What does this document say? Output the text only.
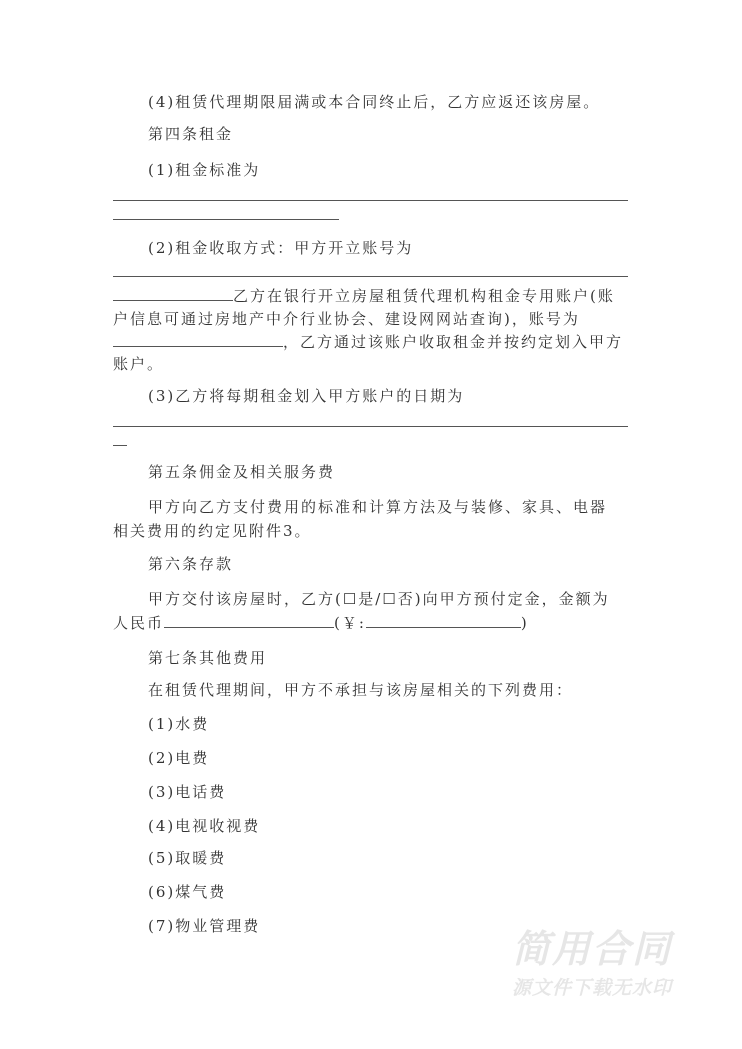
(4)租赁代理期限届满或本合同终止后，乙方应返还该房屋。
第四条租金
(1)租金标准为
(2)租金收取方式：甲方开立账号为
乙方在银行开立房屋租赁代理机构租金专用账户(账
户信息可通过房地产中介行业协会、建设网网站查询)，账号为
，乙方通过该账户收取租金并按约定划入甲方
账户。
(3)乙方将每期租金划入甲方账户的日期为
第五条佣金及相关服务费
甲方向乙方支付费用的标准和计算方法及与装修、家具、电器
相关费用的约定见附件3。
第六条存款
甲方交付该房屋时，乙方(☐是/☐否)向甲方预付定金，金额为
人民币	(￥:	)
第七条其他费用
在租赁代理期间，甲方不承担与该房屋相关的下列费用：
(1)水费
(2)电费
(3)电话费
(4)电视收视费
(5)取暖费
(6)煤气费
(7)物业管理费
简用合同
源文件下载无水印
